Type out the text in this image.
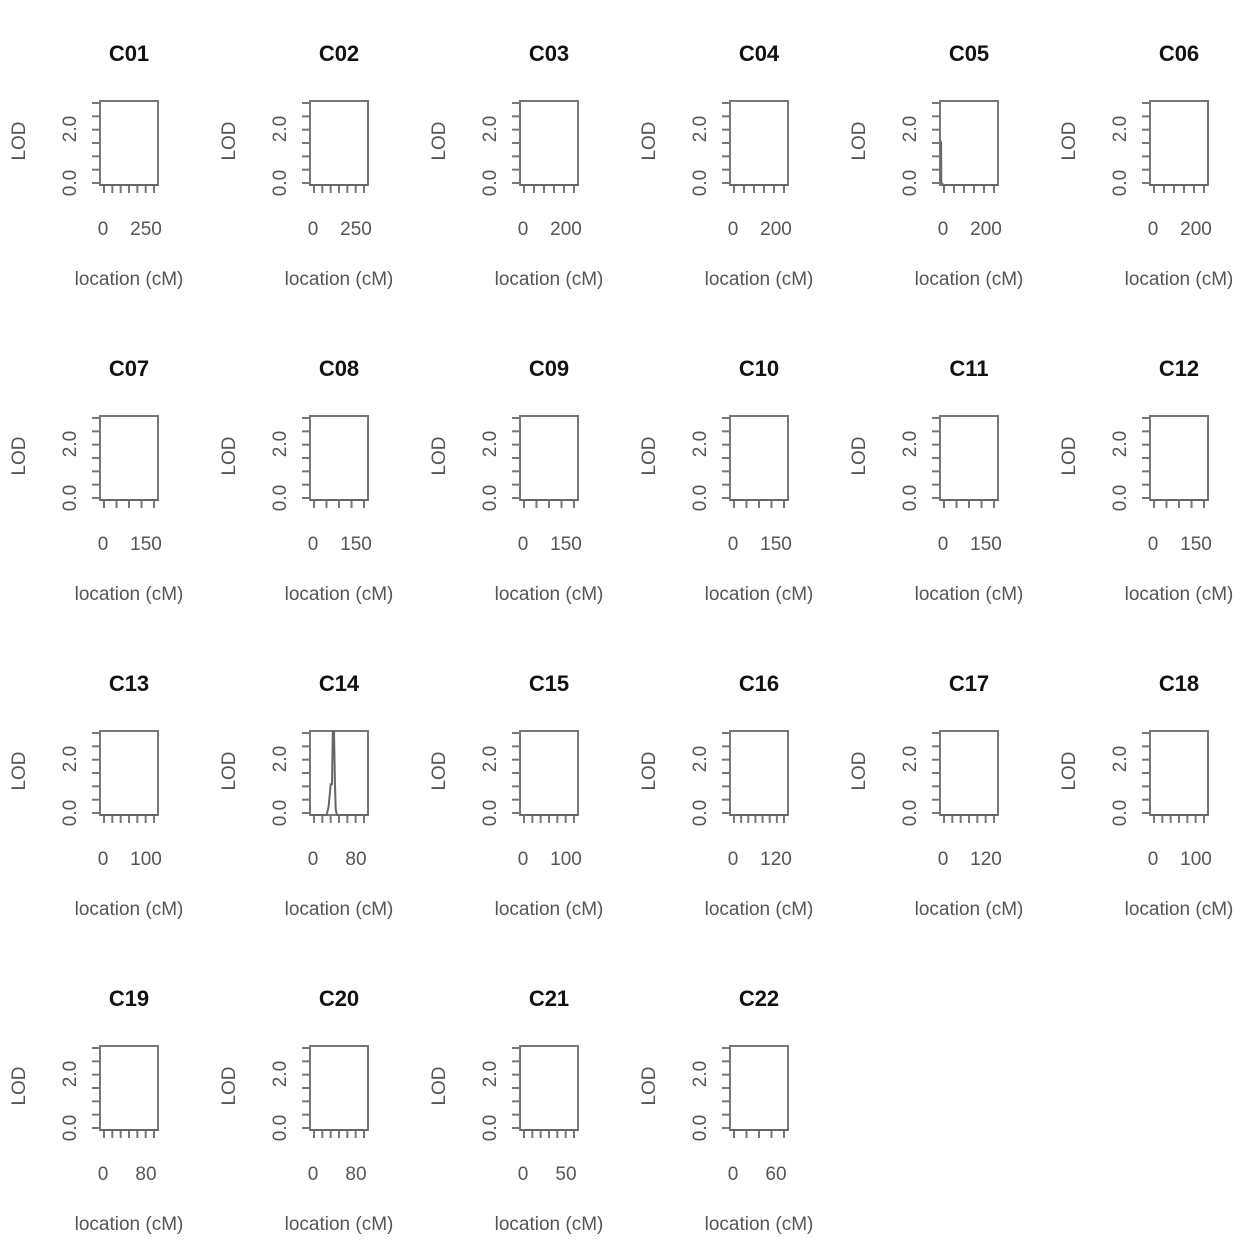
C01
0.0
2.0
0 250
location (cM)
LOD
C02
0.0
2.0
0 250
location (cM)
LOD
C03
0.0
2.0
0 200
location (cM)
LOD
C04
0.0
2.0
0 200
location (cM)
LOD
C05
0.0
2.0
0 200
location (cM)
LOD
C06
0.0
2.0
0 200
location (cM)
LOD
C07
0.0
2.0
0 150
location (cM)
LOD
C08
0.0
2.0
0 150
location (cM)
LOD
C09
0.0
2.0
0 150
location (cM)
LOD
C10
0.0
2.0
0 150
location (cM)
LOD
C11
0.0
2.0
0 150
location (cM)
LOD
C12
0.0
2.0
0 150
location (cM)
LOD
C13
0.0
2.0
0 100
location (cM)
LOD
C14
0.0
2.0
0 80
location (cM)
LOD
C15
0.0
2.0
0 100
location (cM)
LOD
C16
0.0
2.0
0 120
location (cM)
LOD
C17
0.0
2.0
0 120
location (cM)
LOD
C18
0.0
2.0
0 100
location (cM)
LOD
C19
0.0
2.0
0 80
location (cM)
LOD
C20
0.0
2.0
0 80
location (cM)
LOD
C21
0.0
2.0
0 50
location (cM)
LOD
C22
0.0
2.0
0 60
location (cM)
LOD
